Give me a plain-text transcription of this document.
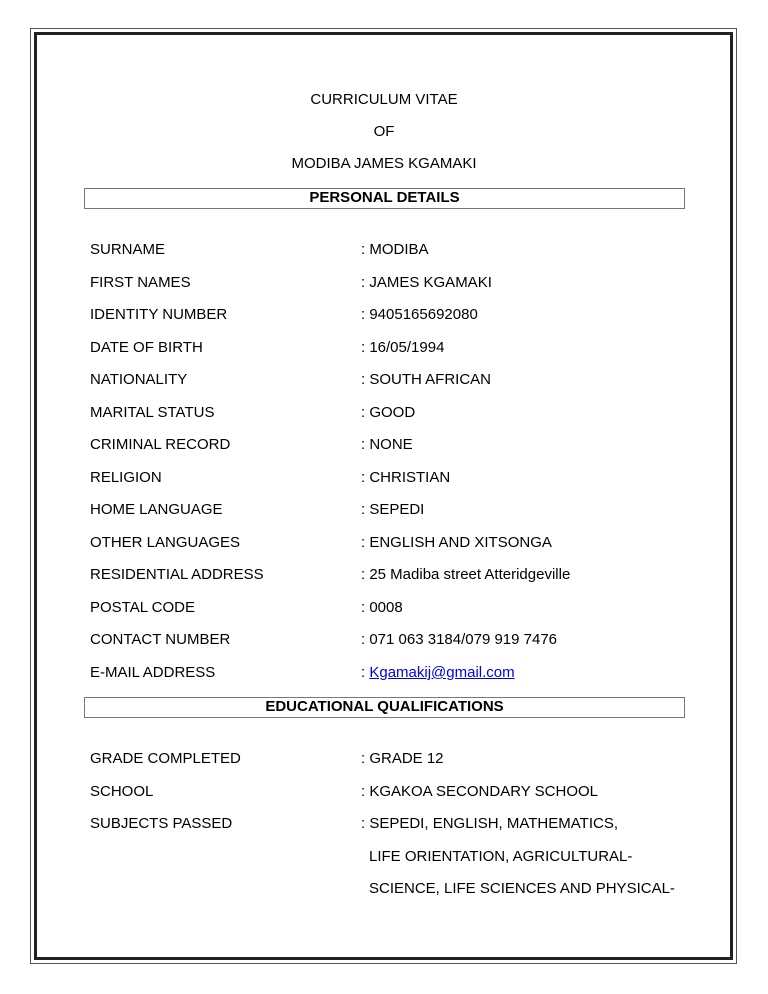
CURRICULUM VITAE
OF
MODIBA JAMES KGAMAKI
PERSONAL DETAILS
SURNAME	: MODIBA
FIRST NAMES	: JAMES KGAMAKI
IDENTITY NUMBER	: 9405165692080
DATE OF BIRTH	: 16/05/1994
NATIONALITY	: SOUTH AFRICAN
MARITAL STATUS	: GOOD
CRIMINAL RECORD	: NONE
RELIGION	: CHRISTIAN
HOME LANGUAGE	: SEPEDI
OTHER LANGUAGES	: ENGLISH AND XITSONGA
RESIDENTIAL ADDRESS	: 25 Madiba street Atteridgeville
POSTAL CODE	: 0008
CONTACT NUMBER	: 071 063 3184/079 919 7476
E-MAIL ADDRESS	: Kgamakij@gmail.com
EDUCATIONAL QUALIFICATIONS
GRADE COMPLETED	: GRADE 12
SCHOOL	: KGAKOA SECONDARY SCHOOL
SUBJECTS PASSED	: SEPEDI, ENGLISH, MATHEMATICS,
LIFE ORIENTATION, AGRICULTURAL-
SCIENCE, LIFE SCIENCES AND PHYSICAL-
